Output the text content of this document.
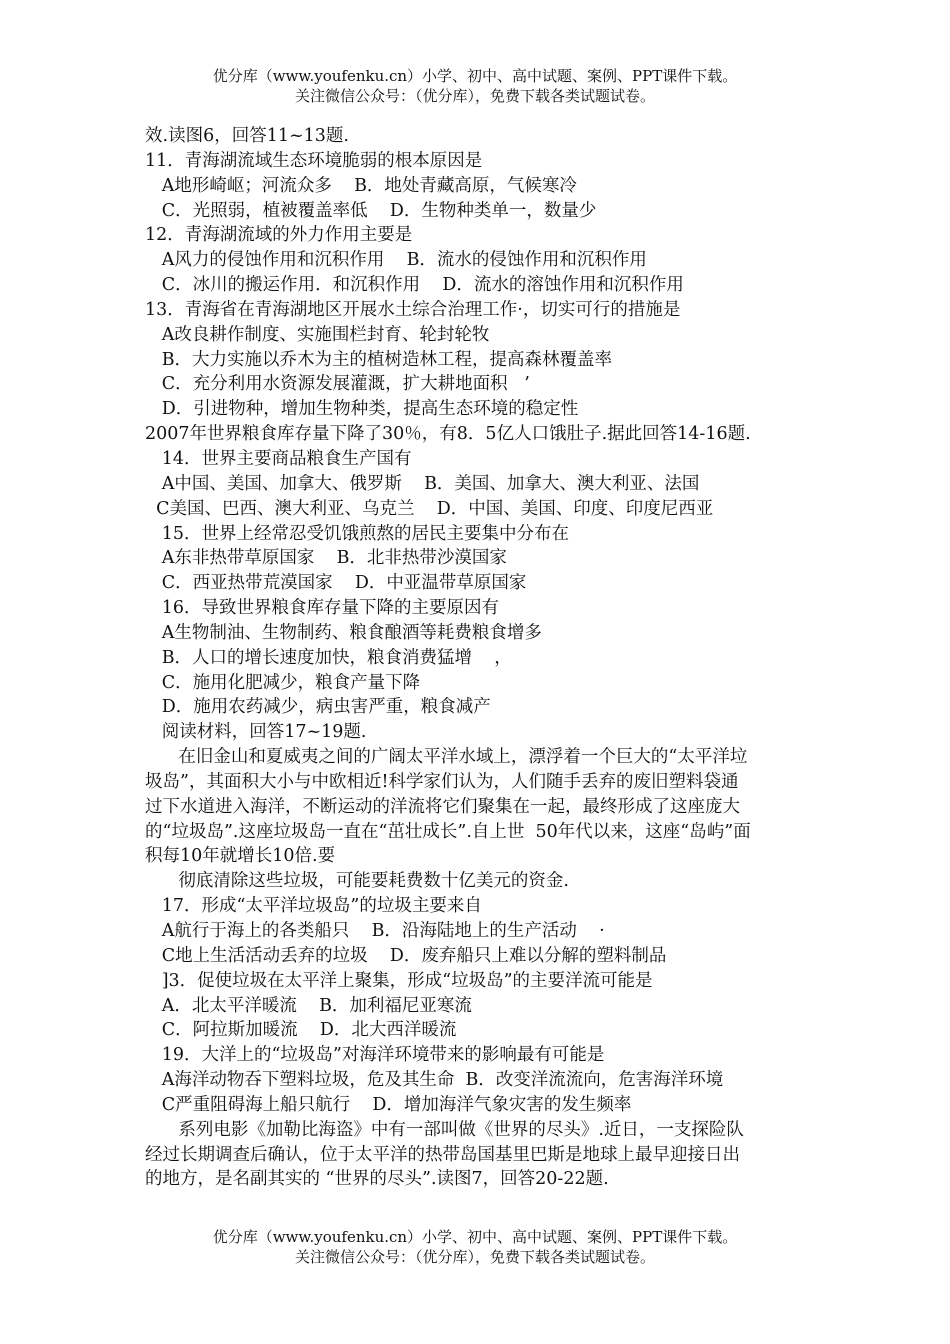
优分库（www.youfenku.cn）小学、初中、高中试题、案例、PPT课件下载。
关注微信公众号：（优分库），免费下载各类试题试卷。
效.读图6，回答11~13题.
11．青海湖流域生态环境脆弱的根本原因是
A地形崎岖；河流众多    B．地处青藏高原，气候寒冷
C．光照弱，植被覆盖率低    D．生物种类单一，数量少
12．青海湖流域的外力作用主要是
A风力的侵蚀作用和沉积作用    B．流水的侵蚀作用和沉积作用
C．冰川的搬运作用．和沉积作用    D．流水的溶蚀作用和沉积作用
13．青海省在青海湖地区开展水土综合治理工作·，切实可行的措施是
A改良耕作制度、实施围栏封育、轮封轮牧
B．大力实施以乔木为主的植树造林工程，提高森林覆盖率
C．充分利用水资源发展灌溉，扩大耕地面积   ’
D．引进物种，增加生物种类，提高生态环境的稳定性
2007年世界粮食库存量下降了30％，有8．5亿人口饿肚子.据此回答14-16题.
14．世界主要商品粮食生产国有
A中国、美国、加拿大、俄罗斯    B．美国、加拿大、澳大利亚、法国
C美国、巴西、澳大利亚、乌克兰    D．中国、美国、印度、印度尼西亚
15．世界上经常忍受饥饿煎熬的居民主要集中分布在
A东非热带草原国家    B．北非热带沙漠国家
C．西亚热带荒漠国家    D．中亚温带草原国家
16．导致世界粮食库存量下降的主要原因有
A生物制油、生物制药、粮食酿酒等耗费粮食增多
B．人口的增长速度加快，粮食消费猛增    ，
C．施用化肥减少，粮食产量下降
D．施用农药减少，病虫害严重，粮食减产
阅读材料，回答17~19题.
在旧金山和夏威夷之间的广阔太平洋水域上，漂浮着一个巨大的“太平洋垃
圾岛”，其面积大小与中欧相近!科学家们认为，人们随手丢弃的废旧塑料袋通
过下水道进入海洋，不断运动的洋流将它们聚集在一起，最终形成了这座庞大
的“垃圾岛”.这座垃圾岛一直在“茁壮成长”.自上世  50年代以来，这座“岛屿”面
积每10年就增长10倍.要
彻底清除这些垃圾，可能要耗费数十亿美元的资金.
17．形成“太平洋垃圾岛”的垃圾主要来自
A航行于海上的各类船只    B．沿海陆地上的生产活动    ·
C地上生活活动丢弃的垃圾    D．废弃船只上难以分解的塑料制品
]3．促使垃圾在太平洋上聚集，形成“垃圾岛”的主要洋流可能是
A．北太平洋暖流    B．加利福尼亚寒流
C．阿拉斯加暖流    D．北大西洋暖流
19．大洋上的“垃圾岛”对海洋环境带来的影响最有可能是
A海洋动物吞下塑料垃圾，危及其生命  B．改变洋流流向，危害海洋环境
C严重阻碍海上船只航行    D．增加海洋气象灾害的发生频率
系列电影《加勒比海盗》中有一部叫做《世界的尽头》.近日，一支探险队
经过长期调查后确认，位于太平洋的热带岛国基里巴斯是地球上最早迎接日出
的地方，是名副其实的 “世界的尽头”.读图7，回答20-22题.
优分库（www.youfenku.cn）小学、初中、高中试题、案例、PPT课件下载。
关注微信公众号：（优分库），免费下载各类试题试卷。
